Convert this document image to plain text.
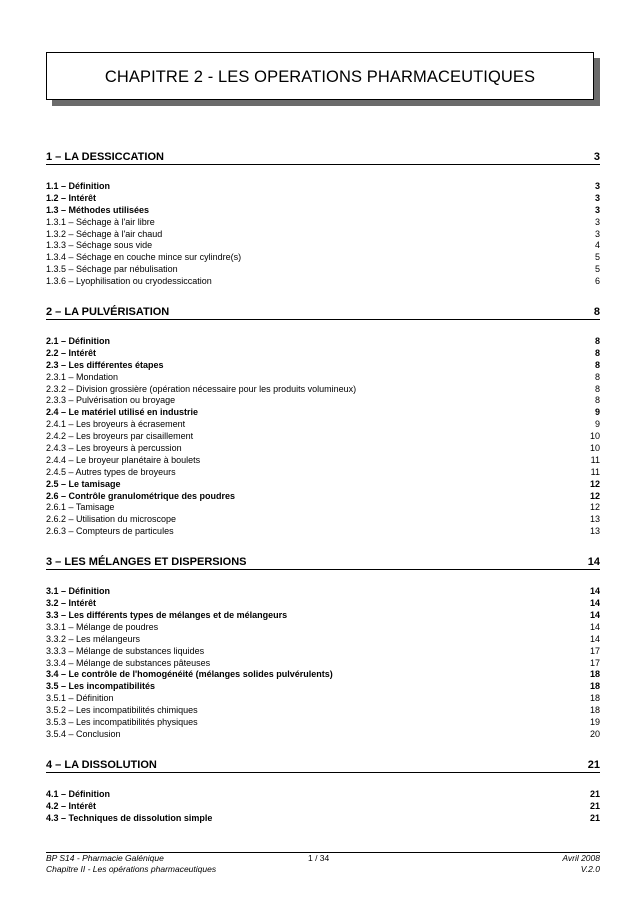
CHAPITRE 2 - LES OPERATIONS PHARMACEUTIQUES
1 – LA DESSICCATION	3
1.1 – Définition	3
1.2 – Intérêt	3
1.3 – Méthodes utilisées	3
1.3.1 – Séchage à l'air libre	3
1.3.2 – Séchage à l'air chaud	3
1.3.3 – Séchage sous vide	4
1.3.4 – Séchage en couche mince sur cylindre(s)	5
1.3.5 – Séchage par nébulisation	5
1.3.6 – Lyophilisation ou cryodessiccation	6
2 – LA PULVÉRISATION	8
2.1 – Définition	8
2.2 – Intérêt	8
2.3 – Les différentes étapes	8
2.3.1 – Mondation	8
2.3.2 – Division grossière (opération nécessaire pour les produits volumineux)	8
2.3.3 – Pulvérisation ou broyage	8
2.4 – Le matériel utilisé en industrie	9
2.4.1 – Les broyeurs à écrasement	9
2.4.2 – Les broyeurs par cisaillement	10
2.4.3 – Les broyeurs à percussion	10
2.4.4 – Le broyeur planétaire à boulets	11
2.4.5 – Autres types de broyeurs	11
2.5 – Le tamisage	12
2.6 – Contrôle granulométrique des poudres	12
2.6.1 – Tamisage	12
2.6.2 – Utilisation du microscope	13
2.6.3 – Compteurs de particules	13
3 – LES MÉLANGES ET DISPERSIONS	14
3.1 – Définition	14
3.2 – Intérêt	14
3.3 – Les différents types de mélanges et de mélangeurs	14
3.3.1 – Mélange de poudres	14
3.3.2 – Les mélangeurs	14
3.3.3 – Mélange de substances liquides	17
3.3.4 – Mélange de substances pâteuses	17
3.4 – Le contrôle de l'homogénéité (mélanges solides pulvérulents)	18
3.5 – Les incompatibilités	18
3.5.1 – Définition	18
3.5.2 – Les incompatibilités chimiques	18
3.5.3 – Les incompatibilités physiques	19
3.5.4 – Conclusion	20
4 – LA DISSOLUTION	21
4.1 – Définition	21
4.2 – Intérêt	21
4.3 – Techniques de dissolution simple	21
BP S14 - Pharmacie Galénique	1 / 34	Avril 2008
Chapitre II - Les opérations pharmaceutiques	V.2.0
